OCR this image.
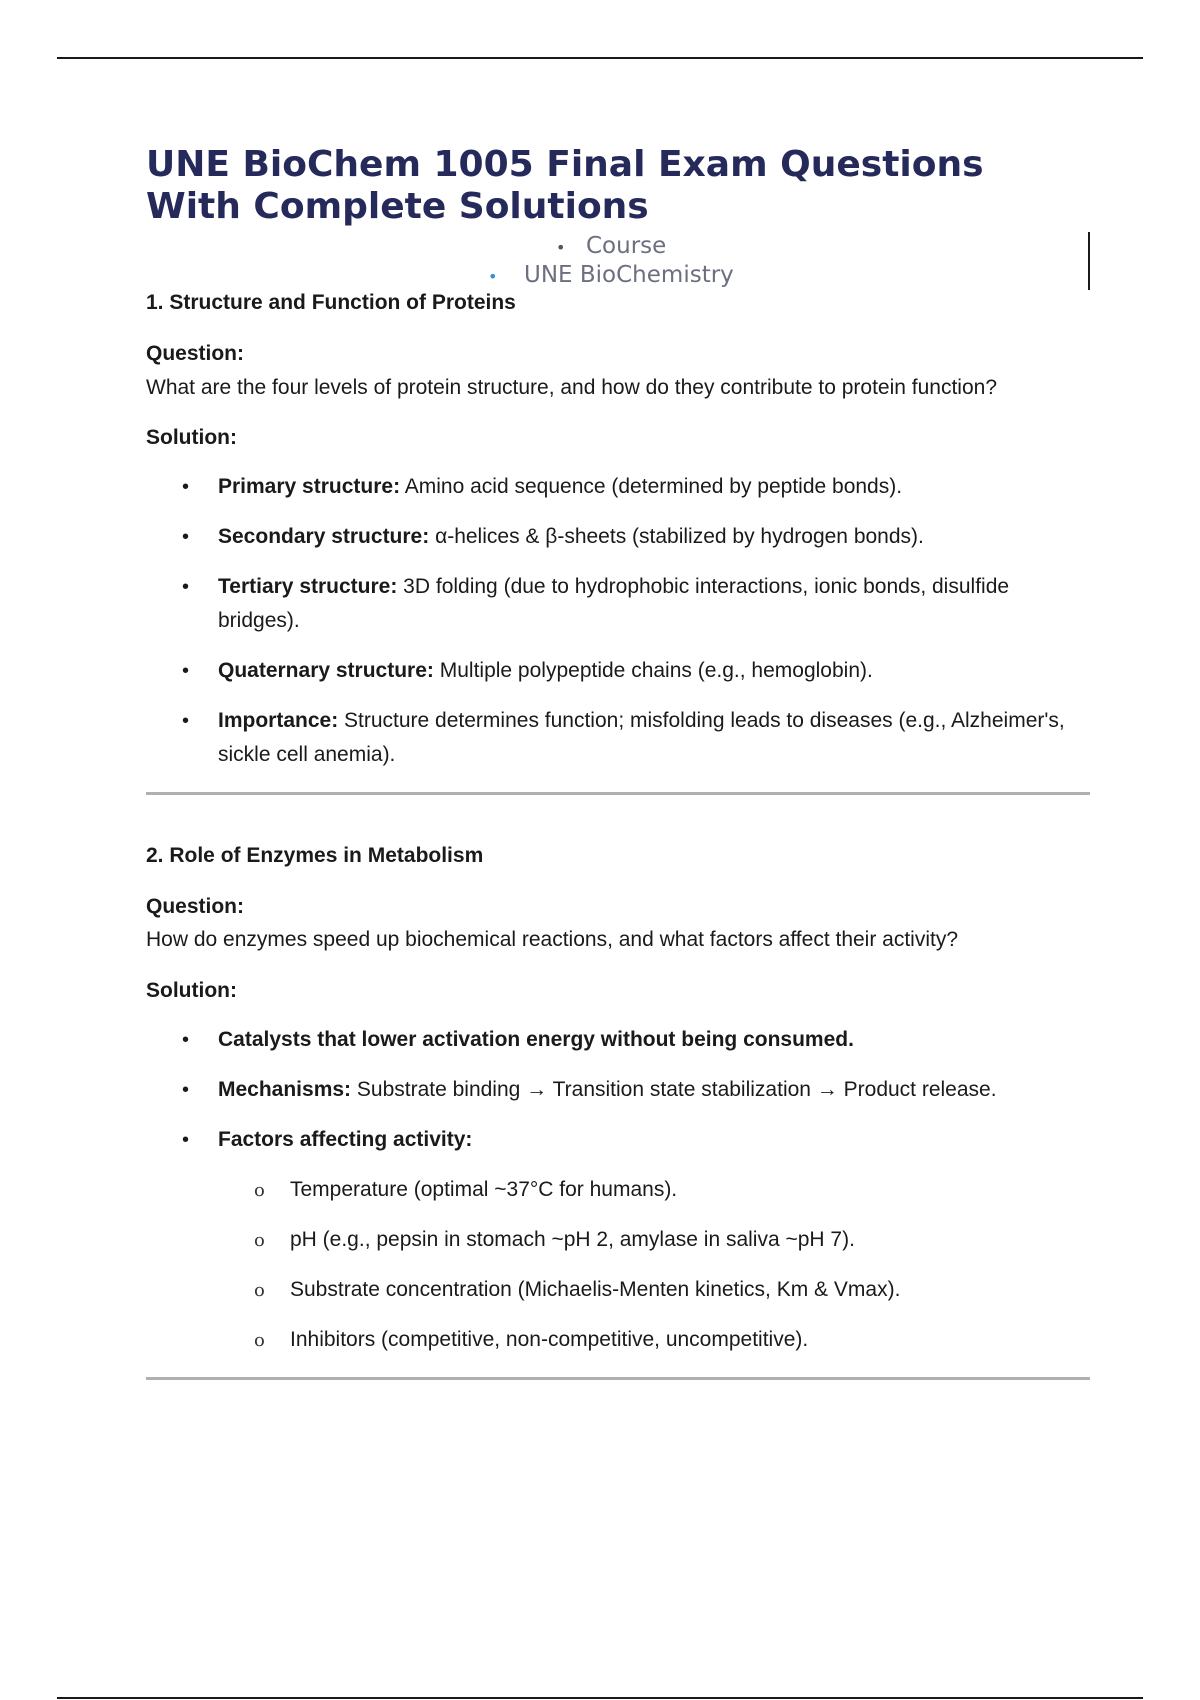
UNE BioChem 1005 Final Exam Questions With Complete Solutions
• Course
• UNE BioChemistry
1. Structure and Function of Proteins
Question:
What are the four levels of protein structure, and how do they contribute to protein function?
Solution:
• Primary structure: Amino acid sequence (determined by peptide bonds).
• Secondary structure: α-helices & β-sheets (stabilized by hydrogen bonds).
• Tertiary structure: 3D folding (due to hydrophobic interactions, ionic bonds, disulfide bridges).
• Quaternary structure: Multiple polypeptide chains (e.g., hemoglobin).
• Importance: Structure determines function; misfolding leads to diseases (e.g., Alzheimer's, sickle cell anemia).
2. Role of Enzymes in Metabolism
Question:
How do enzymes speed up biochemical reactions, and what factors affect their activity?
Solution:
• Catalysts that lower activation energy without being consumed.
• Mechanisms: Substrate binding → Transition state stabilization → Product release.
• Factors affecting activity:
o Temperature (optimal ~37°C for humans).
o pH (e.g., pepsin in stomach ~pH 2, amylase in saliva ~pH 7).
o Substrate concentration (Michaelis-Menten kinetics, Km & Vmax).
o Inhibitors (competitive, non-competitive, uncompetitive).
